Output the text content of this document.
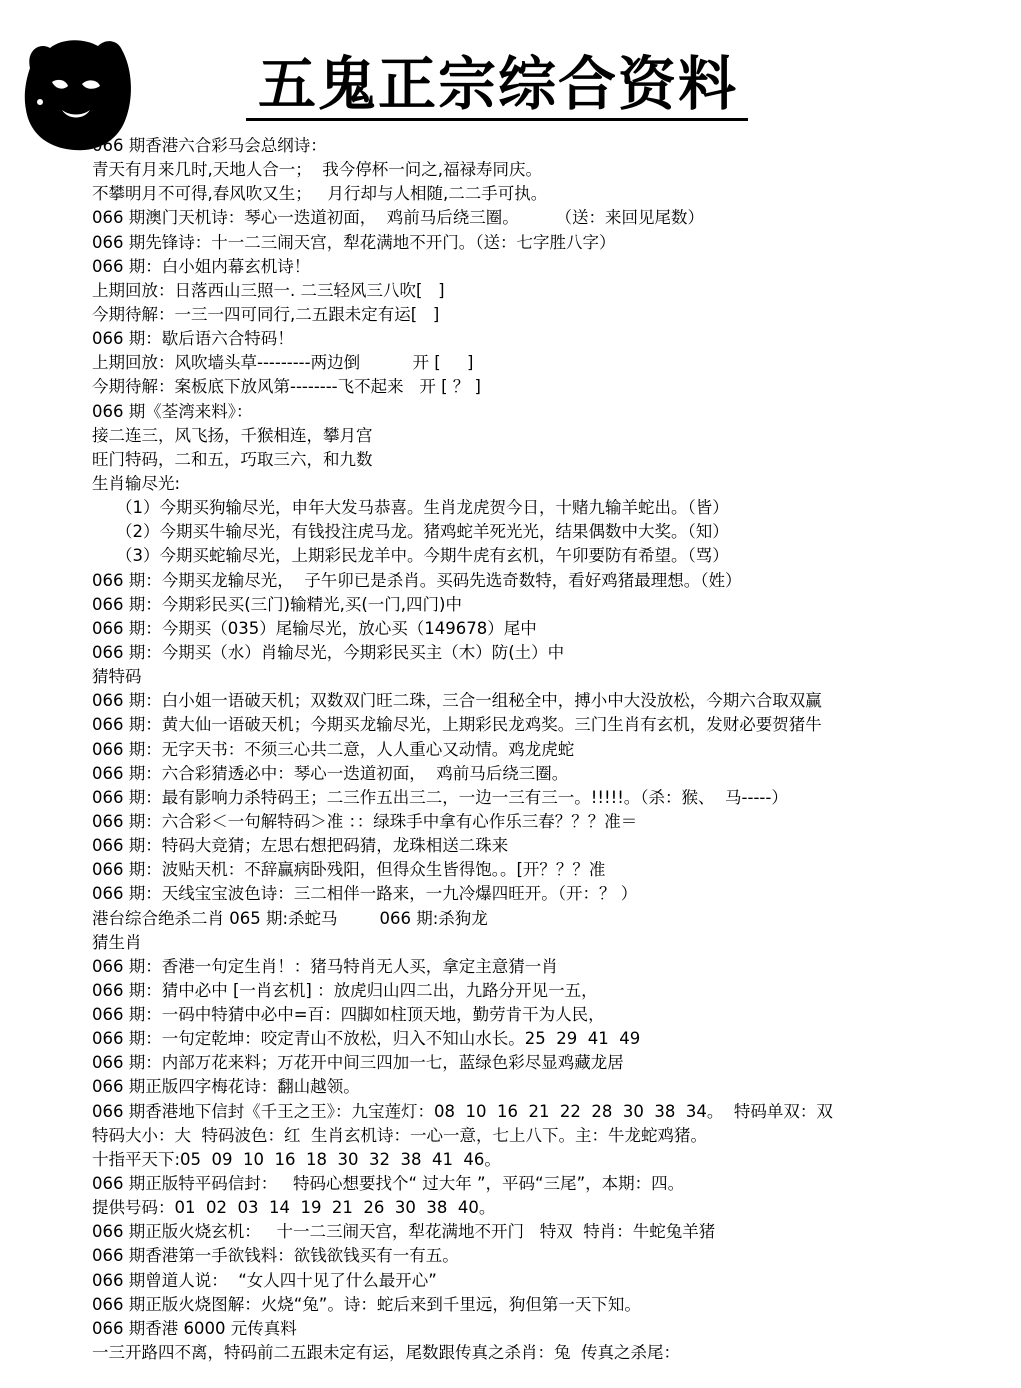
五鬼正宗综合资料
066 期香港六合彩马会总纲诗：
青天有月来几时,天地人合一；  我今停杯一问之,福禄寿同庆。
不攀明月不可得,春风吹又生；   月行却与人相随,二二手可执。
066 期澳门天机诗：琴心一迭道初面，  鸡前马后绕三圈。       （送：来回见尾数）
066 期先锋诗：十一二三闹天宫，犁花满地不开门。（送：七字胜八字）
066 期：白小姐内幕玄机诗！
上期回放：日落西山三照一. 二三轻风三八吹[   ]
今期待解：一三一四可同行,二五跟未定有运[   ]
066 期：歇后语六合特码！
上期回放：风吹墙头草---------两边倒          开 [     ]
今期待解：案板底下放风第--------飞不起来   开 [ ？ ]
066 期《荃湾来料》：
接二连三，风飞扬，千猴相连，攀月宫
旺门特码，二和五，巧取三六，和九数
生肖输尽光:
（1）今期买狗输尽光，申年大发马恭喜。生肖龙虎贺今日，十赌九输羊蛇出。（皆）
（2）今期买牛输尽光，有钱投注虎马龙。猪鸡蛇羊死光光，结果偶数中大奖。（知）
（3）今期买蛇输尽光，上期彩民龙羊中。今期牛虎有玄机，午卯要防有希望。（骂）
066 期：今期买龙输尽光，  子午卯已是杀肖。买码先选奇数特，看好鸡猪最理想。（姓）
066 期：今期彩民买(三门)输精光,买(一门,四门)中
066 期：今期买（035）尾输尽光，放心买（149678）尾中
066 期：今期买（水）肖输尽光，今期彩民买主（木）防(土）中
猜特码
066 期：白小姐一语破天机；双数双门旺二珠，三合一组秘全中，搏小中大没放松，今期六合取双赢
066 期：黄大仙一语破天机；今期买龙输尽光，上期彩民龙鸡奖。三门生肖有玄机，发财必要贺猪牛
066 期：无字天书：不须三心共二意，人人重心又动情。鸡龙虎蛇
066 期：六合彩猜透必中：琴心一迭道初面，  鸡前马后绕三圈。
066 期：最有影响力杀特码王；二三作五出三二，一边一三有三一。!!!!!。（杀：猴、  马-----）
066 期：六合彩＜一句解特码＞准 ：：绿珠手中拿有心作乐三春？？？准＝
066 期：特码大竞猜；左思右想把码猜，龙珠相送二珠来
066 期：波贴天机：不辞赢病卧残阳，但得众生皆得饱。。[开？？？准
066 期：天线宝宝波色诗：三二相伴一路来，一九冷爆四旺开。（开：？ ）
港台综合绝杀二肖 065 期:杀蛇马        066 期:杀狗龙
猜生肖
066 期：香港一句定生肖！：猪马特肖无人买，拿定主意猜一肖
066 期：猜中必中 [一肖玄机] ：放虎归山四二出，九路分开见一五，
066 期：一码中特猜中必中=百：四脚如柱顶天地，勤劳肯干为人民，
066 期：一句定乾坤：咬定青山不放松，归入不知山水长。25  29  41  49
066 期：内部万花来料；万花开中间三四加一七，蓝绿色彩尽显鸡藏龙居
066 期正版四字梅花诗：翻山越领。
066 期香港地下信封《千王之王》：九宝莲灯：08  10  16  21  22  28  30  38  34。  特码单双：双
特码大小：大  特码波色：红  生肖玄机诗：一心一意，七上八下。主：牛龙蛇鸡猪。
十指平天下:05  09  10  16  18  30  32  38  41  46。
066 期正版特平码信封：   特码心想要找个“ 过大年 ”，平码“三尾”，本期：四。
提供号码：01  02  03  14  19  21  26  30  38  40。
066 期正版火烧玄机：   十一二三闹天宫，犁花满地不开门   特双  特肖：牛蛇兔羊猪
066 期香港第一手欲钱料：欲钱欲钱买有一有五。
066 期曾道人说：  “女人四十见了什么最开心”
066 期正版火烧图解：火烧“兔”。诗：蛇后来到千里远，狗但第一天下知。
066 期香港 6000 元传真料
一三开路四不离，特码前二五跟未定有运，尾数跟传真之杀肖：兔  传真之杀尾：
